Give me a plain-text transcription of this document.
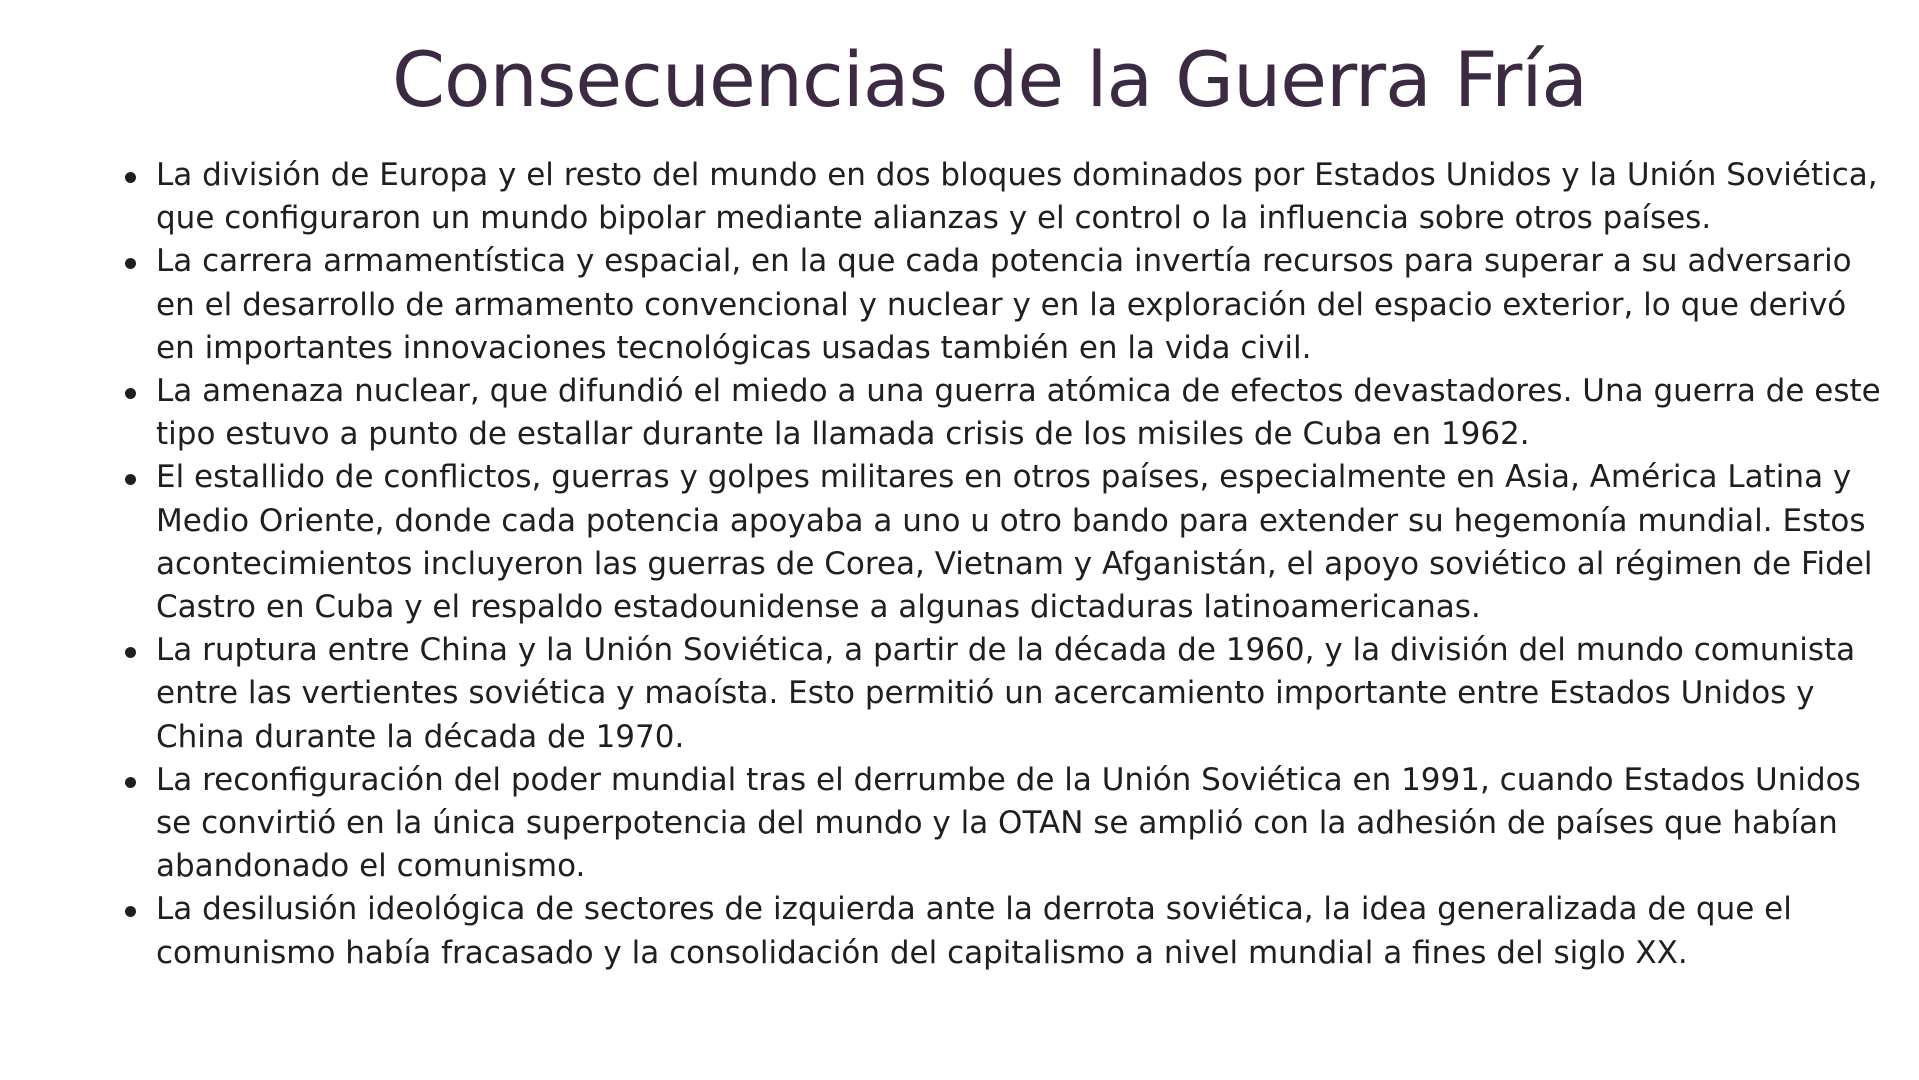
Consecuencias de la Guerra Fría
La división de Europa y el resto del mundo en dos bloques dominados por Estados Unidos y la Unión Soviética, que configuraron un mundo bipolar mediante alianzas y el control o la influencia sobre otros países.
La carrera armamentística y espacial, en la que cada potencia invertía recursos para superar a su adversario en el desarrollo de armamento convencional y nuclear y en la exploración del espacio exterior, lo que derivó en importantes innovaciones tecnológicas usadas también en la vida civil.
La amenaza nuclear, que difundió el miedo a una guerra atómica de efectos devastadores. Una guerra de este tipo estuvo a punto de estallar durante la llamada crisis de los misiles de Cuba en 1962.
El estallido de conflictos, guerras y golpes militares en otros países, especialmente en Asia, América Latina y Medio Oriente, donde cada potencia apoyaba a uno u otro bando para extender su hegemonía mundial. Estos acontecimientos incluyeron las guerras de Corea, Vietnam y Afganistán, el apoyo soviético al régimen de Fidel Castro en Cuba y el respaldo estadounidense a algunas dictaduras latinoamericanas.
La ruptura entre China y la Unión Soviética, a partir de la década de 1960, y la división del mundo comunista entre las vertientes soviética y maoísta. Esto permitió un acercamiento importante entre Estados Unidos y China durante la década de 1970.
La reconfiguración del poder mundial tras el derrumbe de la Unión Soviética en 1991, cuando Estados Unidos se convirtió en la única superpotencia del mundo y la OTAN se amplió con la adhesión de países que habían abandonado el comunismo.
La desilusión ideológica de sectores de izquierda ante la derrota soviética, la idea generalizada de que el comunismo había fracasado y la consolidación del capitalismo a nivel mundial a fines del siglo XX.
